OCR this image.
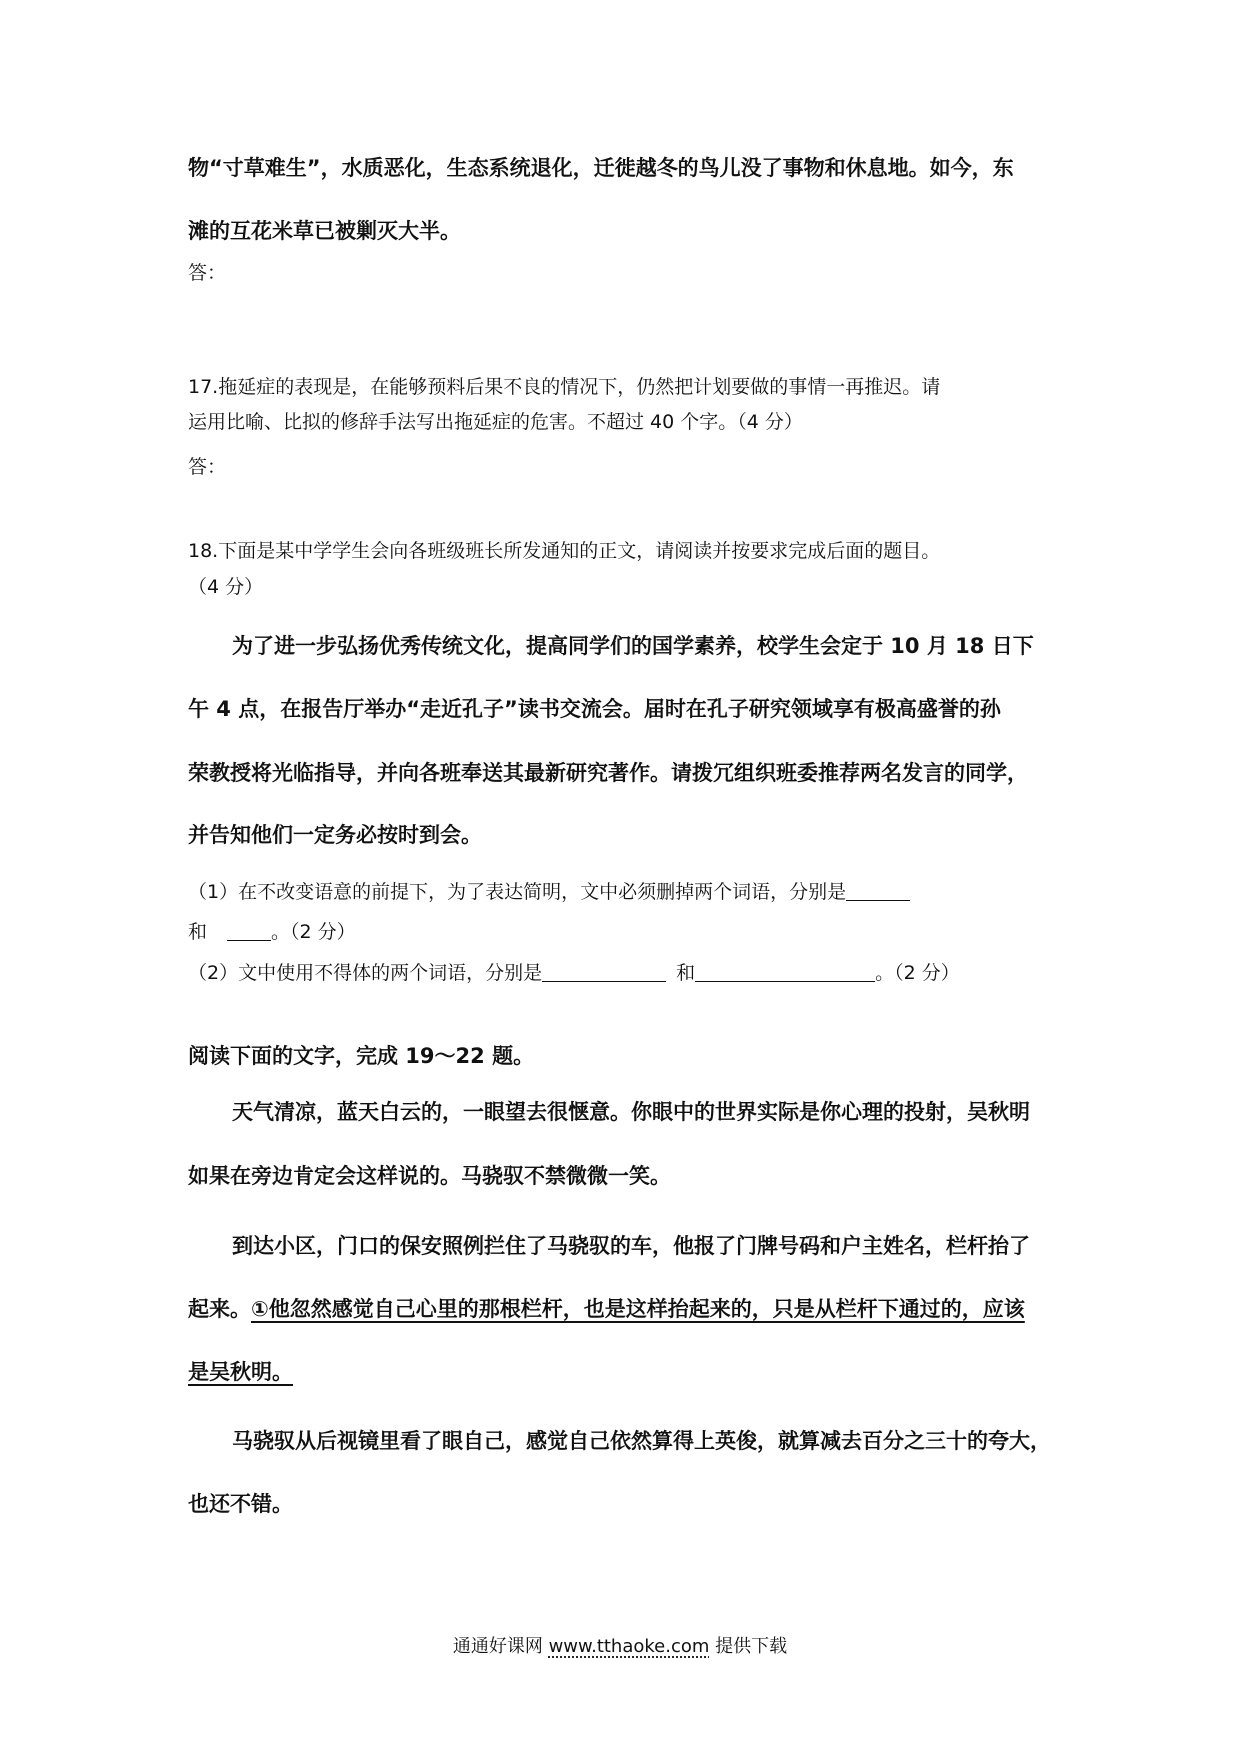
物“寸草难生”，水质恶化，生态系统退化，迁徙越冬的鸟儿没了事物和休息地。如今，东
滩的互花米草已被剿灭大半。
答：
17.拖延症的表现是，在能够预料后果不良的情况下，仍然把计划要做的事情一再推迟。请
运用比喻、比拟的修辞手法写出拖延症的危害。不超过 40 个字。（4 分）
答：
18.下面是某中学学生会向各班级班长所发通知的正文，请阅读并按要求完成后面的题目。
（4 分）
为了进一步弘扬优秀传统文化，提高同学们的国学素养，校学生会定于 10 月 18 日下
午 4 点，在报告厅举办“走近孔子”读书交流会。届时在孔子研究领域享有极高盛誉的孙
荣教授将光临指导，并向各班奉送其最新研究著作。请拨冗组织班委推荐两名发言的同学，
并告知他们一定务必按时到会。
（1）在不改变语意的前提下，为了表达简明，文中必须删掉两个词语，分别是
和	。（2 分）
（2）文中使用不得体的两个词语，分别是	和	。（2 分）
阅读下面的文字，完成 19～22 题。
天气清凉，蓝天白云的，一眼望去很惬意。你眼中的世界实际是你心理的投射，吴秋明
如果在旁边肯定会这样说的。马骁驭不禁微微一笑。
到达小区，门口的保安照例拦住了马骁驭的车，他报了门牌号码和户主姓名，栏杆抬了
起来。①他忽然感觉自己心里的那根栏杆，也是这样抬起来的，只是从栏杆下通过的，应该
是吴秋明。
马骁驭从后视镜里看了眼自己，感觉自己依然算得上英俊，就算减去百分之三十的夸大，
也还不错。
通通好课网 www.tthaoke.com 提供下载
